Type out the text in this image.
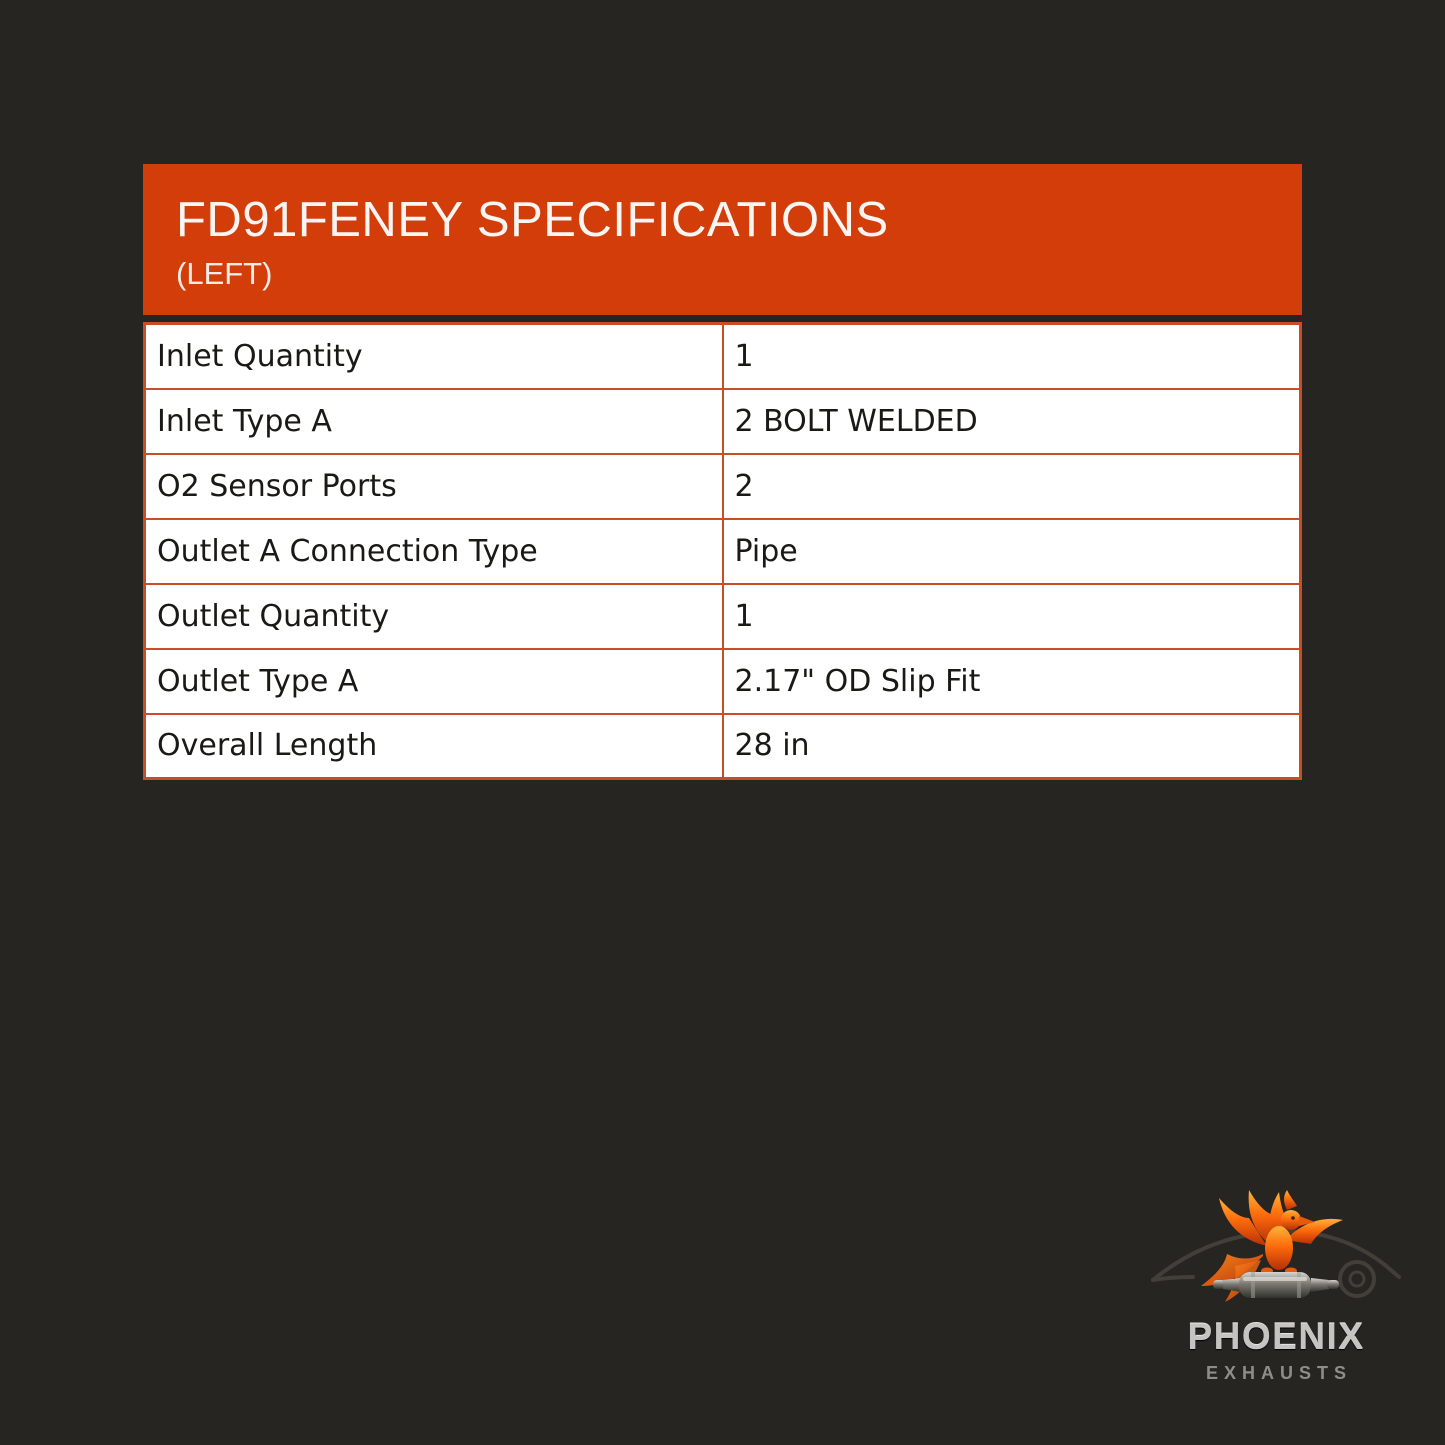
FD91FENEY SPECIFICATIONS
(LEFT)
Inlet Quantity	1
Inlet Type A	2 BOLT WELDED
O2 Sensor Ports	2
Outlet A Connection Type	Pipe
Outlet Quantity	1
Outlet Type A	2.17" OD Slip Fit
Overall Length	28 in
PHOENIX
EXHAUSTS
